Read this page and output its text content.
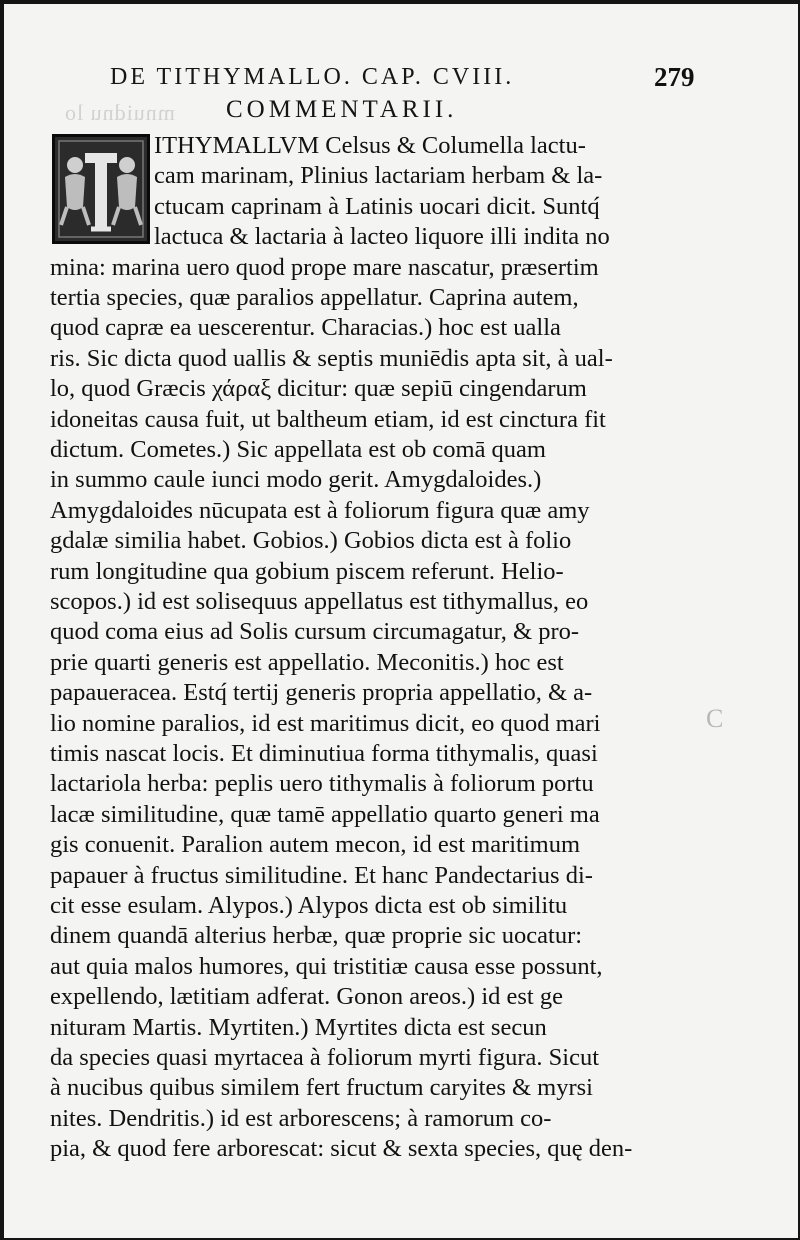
mnuidnu lo
C
DE TITHYMALLO. CAP. CVIII.	279
COMMENTARII.
ITHYMALLVM Celsus & Columella lactu-
cam marinam, Plinius lactariam herbam & la-
ctucam caprinam à Latinis uocari dicit. Suntq́
lactuca & lactaria à lacteo liquore illi indita no
mina: marina uero quod prope mare nascatur, præsertim
tertia species, quæ paralios appellatur. Caprina autem,
quod capræ ea uescerentur. Characias.) hoc est ualla
ris. Sic dicta quod uallis & septis muniēdis apta sit, à ual-
lo, quod Græcis χάραξ dicitur: quæ sepiū cingendarum
idoneitas causa fuit, ut baltheum etiam, id est cinctura fit
dictum. Cometes.) Sic appellata est ob comā quam
in summo caule iunci modo gerit. Amygdaloides.)
Amygdaloides nūcupata est à foliorum figura quæ amy
gdalæ similia habet. Gobios.) Gobios dicta est à folio
rum longitudine qua gobium piscem referunt. Helio-
scopos.) id est solisequus appellatus est tithymallus, eo
quod coma eius ad Solis cursum circumagatur, & pro-
prie quarti generis est appellatio. Meconitis.) hoc est
papaueracea. Estq́ tertij generis propria appellatio, & a-
lio nomine paralios, id est maritimus dicit, eo quod mari
timis nascat locis. Et diminutiua forma tithymalis, quasi
lactariola herba: peplis uero tithymalis à foliorum portu
lacæ similitudine, quæ tamē appellatio quarto generi ma
gis conuenit. Paralion autem mecon, id est maritimum
papauer à fructus similitudine. Et hanc Pandectarius di-
cit esse esulam. Alypos.) Alypos dicta est ob similitu
dinem quandā alterius herbæ, quæ proprie sic uocatur:
aut quia malos humores, qui tristitiæ causa esse possunt,
expellendo, lætitiam adferat. Gonon areos.) id est ge
nituram Martis. Myrtiten.) Myrtites dicta est secun
da species quasi myrtacea à foliorum myrti figura. Sicut
à nucibus quibus similem fert fructum caryites & myrsi
nites. Dendritis.) id est arborescens; à ramorum co-
pia, & quod fere arborescat: sicut & sexta species, quę den-
